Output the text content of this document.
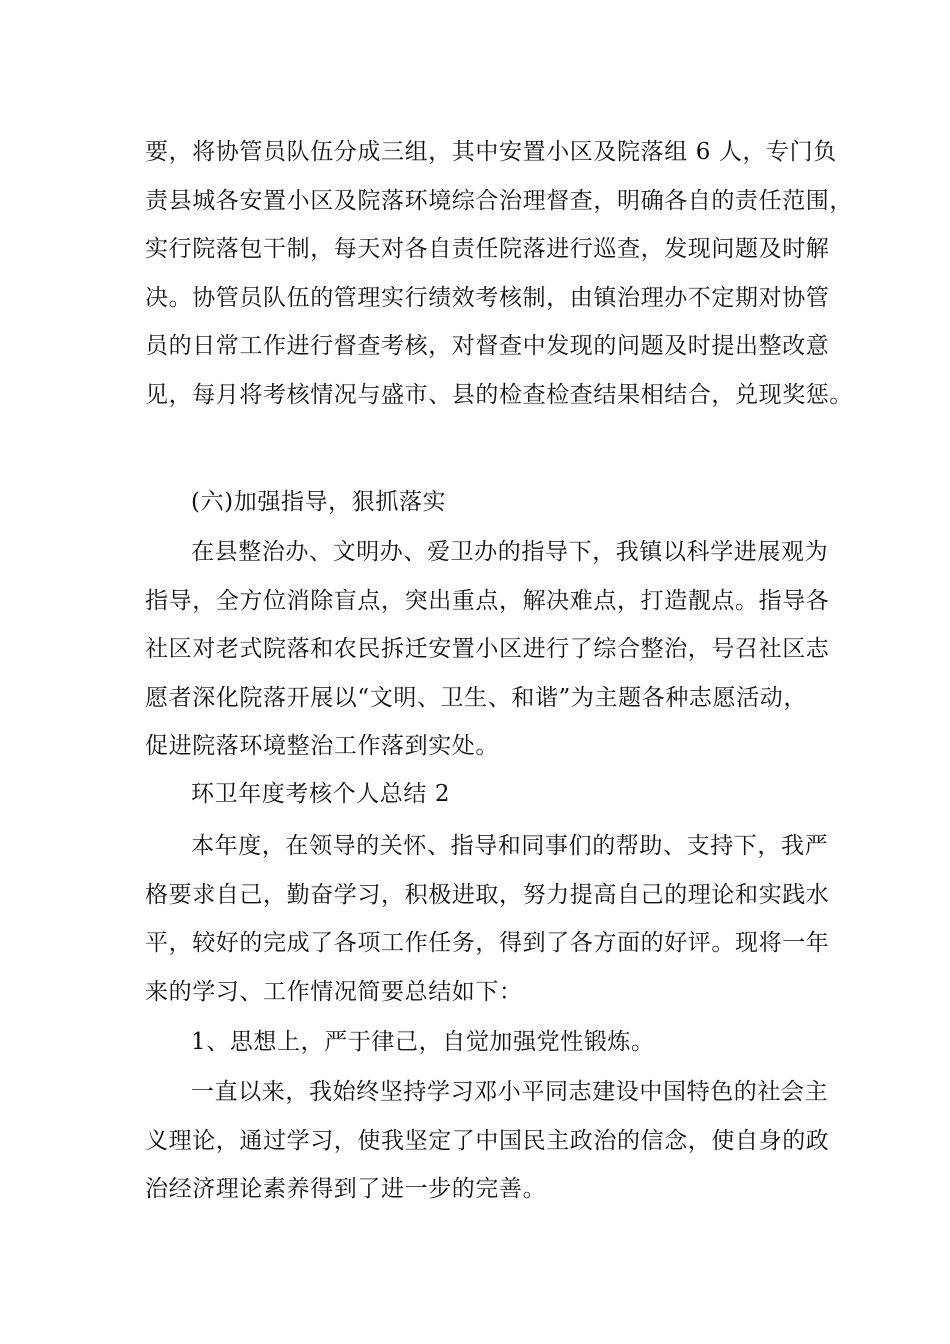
要，将协管员队伍分成三组，其中安置小区及院落组 6 人，专门负
责县城各安置小区及院落环境综合治理督查，明确各自的责任范围，
实行院落包干制，每天对各自责任院落进行巡查，发现问题及时解
决。协管员队伍的管理实行绩效考核制，由镇治理办不定期对协管
员的日常工作进行督查考核，对督查中发现的问题及时提出整改意
见，每月将考核情况与盛市、县的检查检查结果相结合，兑现奖惩。
(六)加强指导，狠抓落实
在县整治办、文明办、爱卫办的指导下，我镇以科学进展观为
指导，全方位消除盲点，突出重点，解决难点，打造靓点。指导各
社区对老式院落和农民拆迁安置小区进行了综合整治，号召社区志
愿者深化院落开展以“文明、卫生、和谐”为主题各种志愿活动，
促进院落环境整治工作落到实处。
环卫年度考核个人总结 2
本年度，在领导的关怀、指导和同事们的帮助、支持下，我严
格要求自己，勤奋学习，积极进取，努力提高自己的理论和实践水
平，较好的完成了各项工作任务，得到了各方面的好评。现将一年
来的学习、工作情况简要总结如下：
1、思想上，严于律己，自觉加强党性锻炼。
一直以来，我始终坚持学习邓小平同志建设中国特色的社会主
义理论，通过学习，使我坚定了中国民主政治的信念，使自身的政
治经济理论素养得到了进一步的完善。
